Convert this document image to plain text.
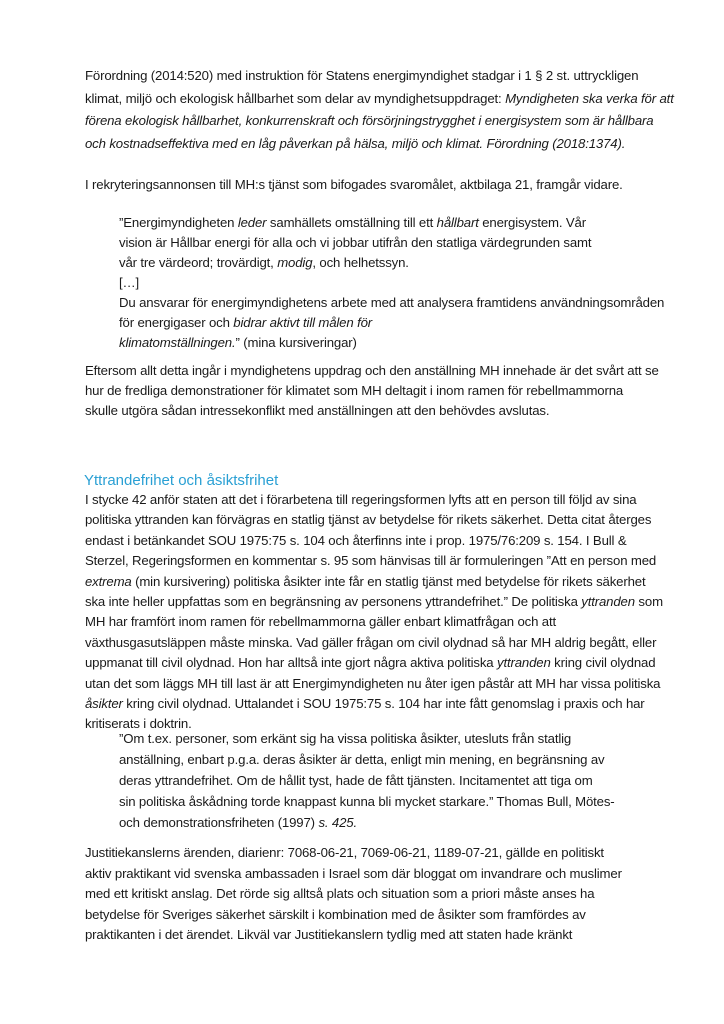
Yttrandefrihet och åsiktsfrihet
Förordning (2014:520) med instruktion för Statens energimyndighet stadgar i 1 § 2 st. uttryckligen
klimat, miljö och ekologisk hållbarhet som delar av myndighetsuppdraget: Myndigheten ska verka för att
förena ekologisk hållbarhet, konkurrenskraft och försörjningstrygghet i energisystem som är hållbara
och kostnadseffektiva med en låg påverkan på hälsa, miljö och klimat. Förordning (2018:1374).
I rekryteringsannonsen till MH:s tjänst som bifogades svaromålet, aktbilaga 21, framgår vidare.
”Energimyndigheten leder samhällets omställning till ett hållbart energisystem. Vår
vision är Hållbar energi för alla och vi jobbar utifrån den statliga värdegrunden samt
vår tre värdeord; trovärdigt, modig, och helhetssyn.
[…]
Du ansvarar för energimyndighetens arbete med att analysera framtidens användningsområden
för energigaser och bidrar aktivt till målen för
klimatomställningen.” (mina kursiveringar)
Eftersom allt detta ingår i myndighetens uppdrag och den anställning MH innehade är det svårt att se
hur de fredliga demonstrationer för klimatet som MH deltagit i inom ramen för rebellmammorna
skulle utgöra sådan intressekonflikt med anställningen att den behövdes avslutas.
I stycke 42 anför staten att det i förarbetena till regeringsformen lyfts att en person till följd av sina
politiska yttranden kan förvägras en statlig tjänst av betydelse för rikets säkerhet. Detta citat återges
endast i betänkandet SOU 1975:75 s. 104 och återfinns inte i prop. 1975/76:209 s. 154. I Bull &
Sterzel, Regeringsformen en kommentar s. 95 som hänvisas till är formuleringen ”Att en person med
extrema (min kursivering) politiska åsikter inte får en statlig tjänst med betydelse för rikets säkerhet
ska inte heller uppfattas som en begränsning av personens yttrandefrihet.” De politiska yttranden som
MH har framfört inom ramen för rebellmammorna gäller enbart klimatfrågan och att
växthusgasutsläppen måste minska. Vad gäller frågan om civil olydnad så har MH aldrig begått, eller
uppmanat till civil olydnad. Hon har alltså inte gjort några aktiva politiska yttranden kring civil olydnad
utan det som läggs MH till last är att Energimyndigheten nu åter igen påstår att MH har vissa politiska
åsikter kring civil olydnad. Uttalandet i SOU 1975:75 s. 104 har inte fått genomslag i praxis och har
kritiserats i doktrin.
”Om t.ex. personer, som erkänt sig ha vissa politiska åsikter, utesluts från statlig
anställning, enbart p.g.a. deras åsikter är detta, enligt min mening, en begränsning av
deras yttrandefrihet. Om de hållit tyst, hade de fått tjänsten. Incitamentet att tiga om
sin politiska åskådning torde knappast kunna bli mycket starkare.” Thomas Bull, Mötes-
och demonstrationsfriheten (1997) s. 425.
Justitiekanslerns ärenden, diarienr: 7068-06-21, 7069-06-21, 1189-07-21, gällde en politiskt
aktiv praktikant vid svenska ambassaden i Israel som där bloggat om invandrare och muslimer
med ett kritiskt anslag. Det rörde sig alltså plats och situation som a priori måste anses ha
betydelse för Sveriges säkerhet särskilt i kombination med de åsikter som framfördes av
praktikanten i det ärendet. Likväl var Justitiekanslern tydlig med att staten hade kränkt
